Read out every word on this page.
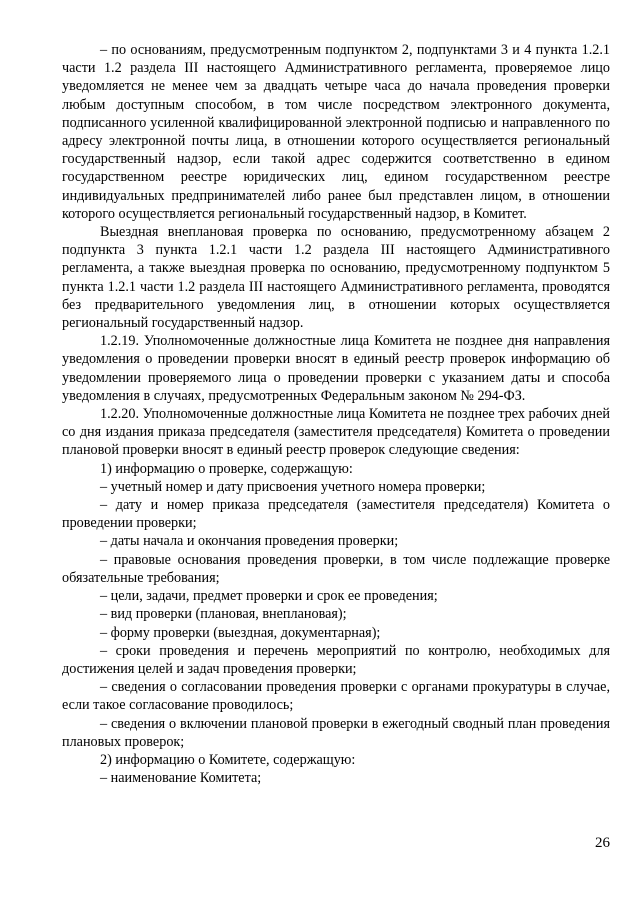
– по основаниям, предусмотренным подпунктом 2, подпунктами 3 и 4 пункта 1.2.1 части 1.2 раздела III настоящего Административного регламента, проверяемое лицо уведомляется не менее чем за двадцать четыре часа до начала проведения проверки любым доступным способом, в том числе посредством электронного документа, подписанного усиленной квалифицированной электронной подписью и направленного по адресу электронной почты лица, в отношении которого осуществляется региональный государственный надзор, если такой адрес содержится соответственно в едином государственном реестре юридических лиц, едином государственном реестре индивидуальных предпринимателей либо ранее был представлен лицом, в отношении которого осуществляется региональный государственный надзор, в Комитет.

Выездная внеплановая проверка по основанию, предусмотренному абзацем 2 подпункта 3 пункта 1.2.1 части 1.2 раздела III настоящего Административного регламента, а также выездная проверка по основанию, предусмотренному подпунктом 5 пункта 1.2.1 части 1.2 раздела III настоящего Административного регламента, проводятся без предварительного уведомления лиц, в отношении которых осуществляется региональный государственный надзор.

1.2.19. Уполномоченные должностные лица Комитета не позднее дня направления уведомления о проведении проверки вносят в единый реестр проверок информацию об уведомлении проверяемого лица о проведении проверки с указанием даты и способа уведомления в случаях, предусмотренных Федеральным законом № 294-ФЗ.

1.2.20. Уполномоченные должностные лица Комитета не позднее трех рабочих дней со дня издания приказа председателя (заместителя председателя) Комитета о проведении плановой проверки вносят в единый реестр проверок следующие сведения:

1) информацию о проверке, содержащую:

– учетный номер и дату присвоения учетного номера проверки;

– дату и номер приказа председателя (заместителя председателя) Комитета о проведении проверки;

– даты начала и окончания проведения проверки;

– правовые основания проведения проверки, в том числе подлежащие проверке обязательные требования;

– цели, задачи, предмет проверки и срок ее проведения;

– вид проверки (плановая, внеплановая);

– форму проверки (выездная, документарная);

– сроки проведения и перечень мероприятий по контролю, необходимых для достижения целей и задач проведения проверки;

– сведения о согласовании проведения проверки с органами прокуратуры в случае, если такое согласование проводилось;

– сведения о включении плановой проверки в ежегодный сводный план проведения плановых проверок;

2) информацию о Комитете, содержащую:

– наименование Комитета;

26
